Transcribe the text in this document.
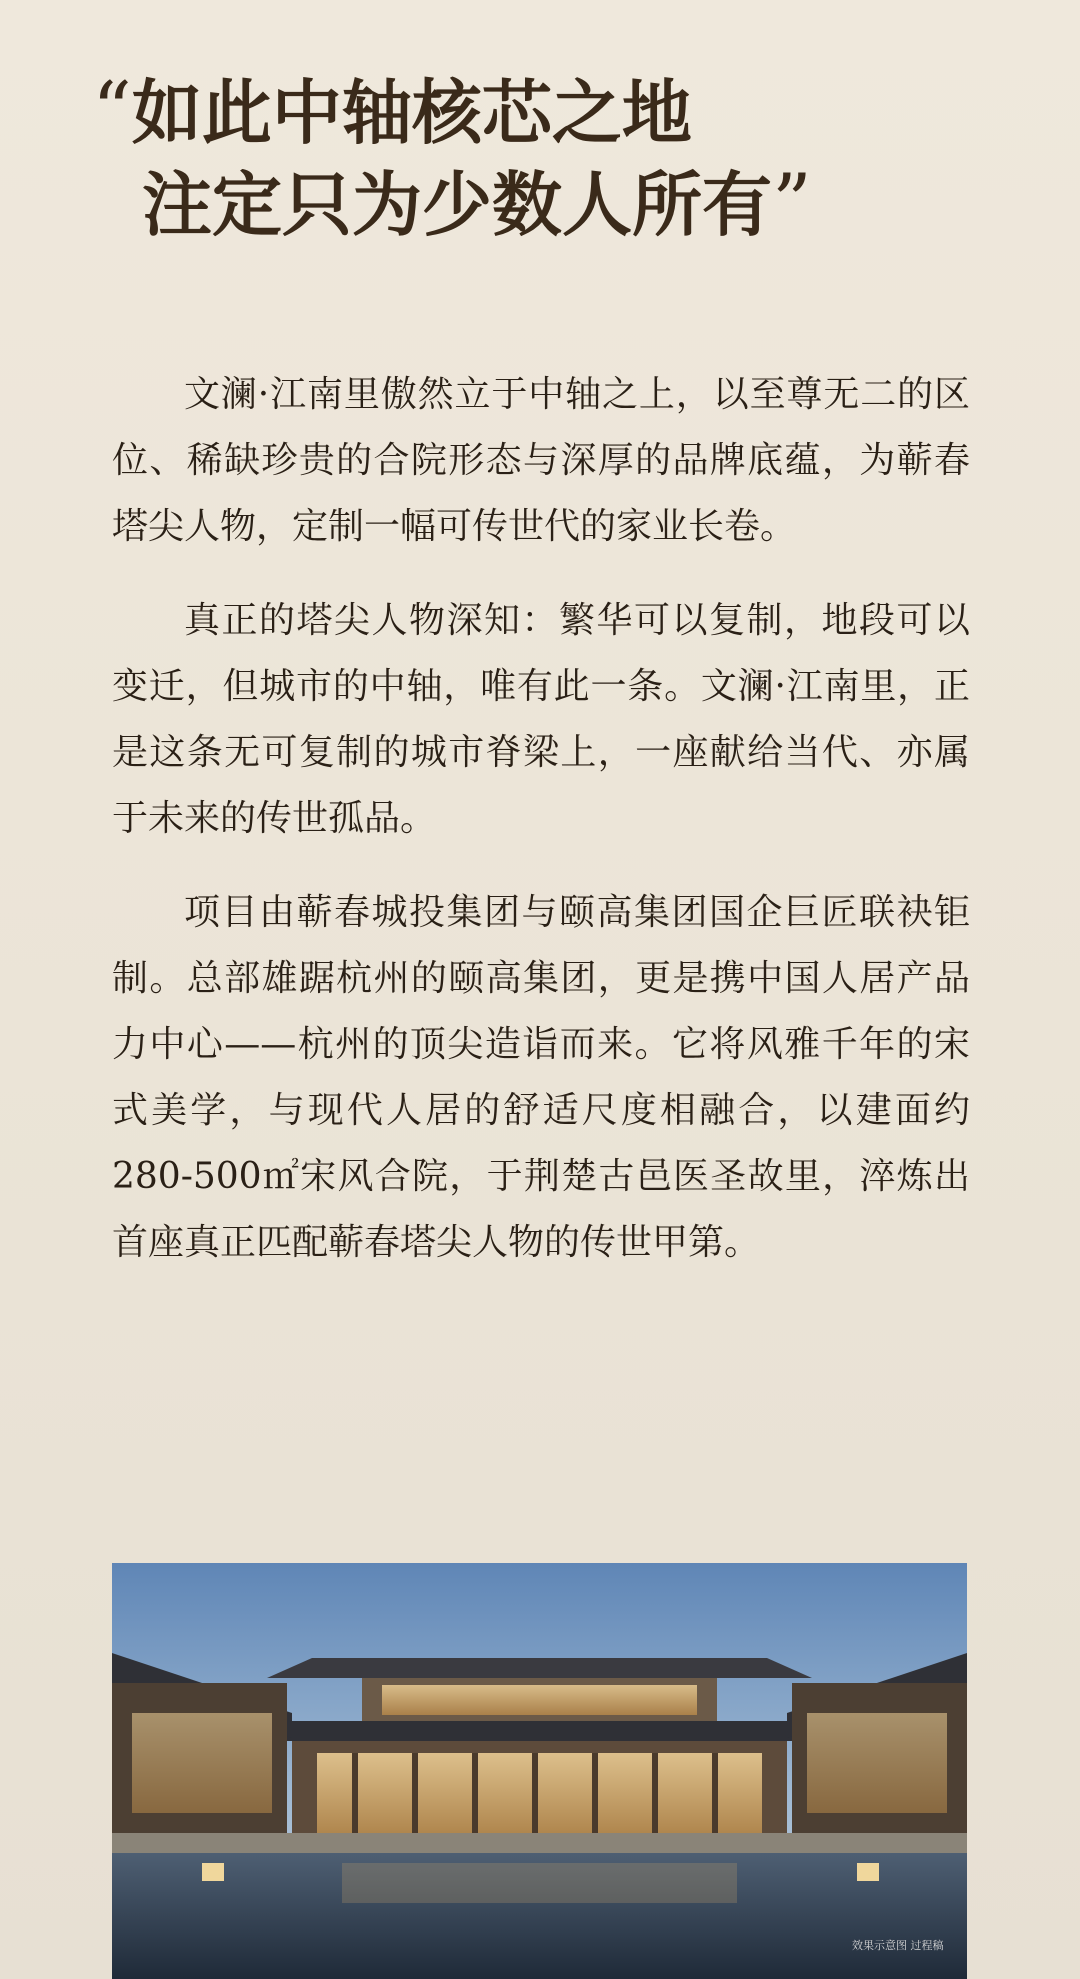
“如此中轴核芯之地
注定只为少数人所有”

文澜·江南里傲然立于中轴之上，以至尊无二的区位、稀缺珍贵的合院形态与深厚的品牌底蕴，为蕲春塔尖人物，定制一幅可传世代的家业长卷。

真正的塔尖人物深知：繁华可以复制，地段可以变迁，但城市的中轴，唯有此一条。文澜·江南里，正是这条无可复制的城市脊梁上，一座献给当代、亦属于未来的传世孤品。

项目由蕲春城投集团与颐高集团国企巨匠联袂钜制。总部雄踞杭州的颐高集团，更是携中国人居产品力中心——杭州的顶尖造诣而来。它将风雅千年的宋式美学，与现代人居的舒适尺度相融合，以建面约280-500㎡宋风合院，于荆楚古邑医圣故里，淬炼出首座真正匹配蕲春塔尖人物的传世甲第。

效果示意图 过程稿
